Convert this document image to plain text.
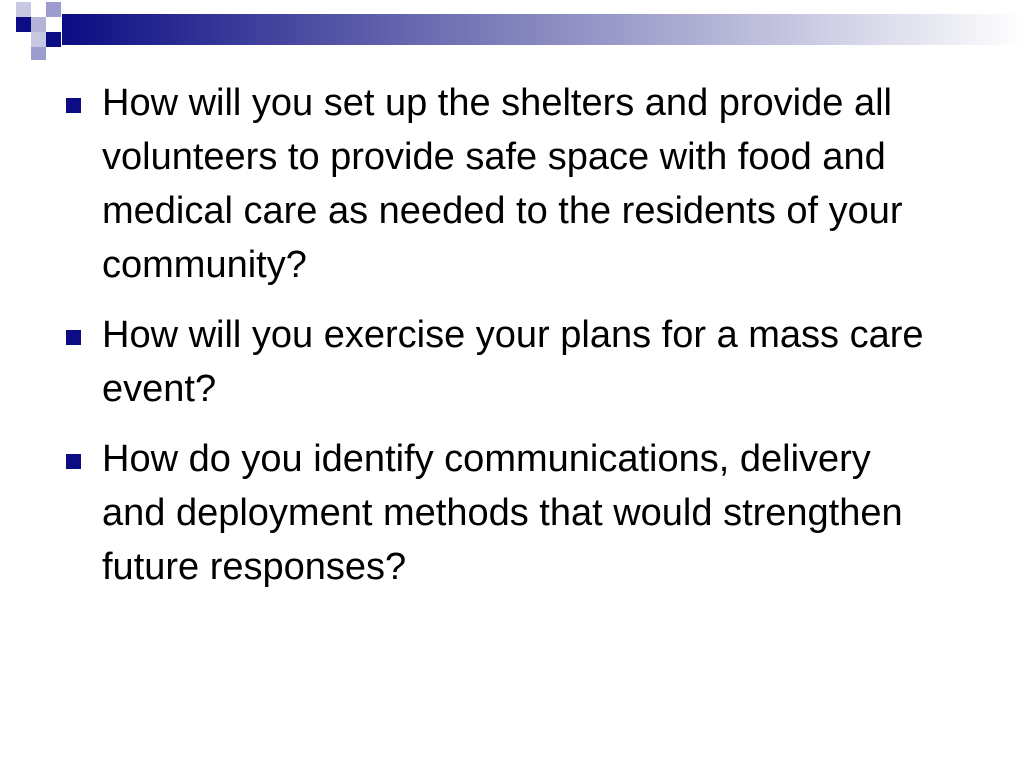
How will you set up the shelters and provide all volunteers to provide safe space with food and medical care as needed to the residents of your community?
How will you exercise your plans for a mass care event?
How do you identify communications, delivery and deployment methods that would strengthen future responses?
